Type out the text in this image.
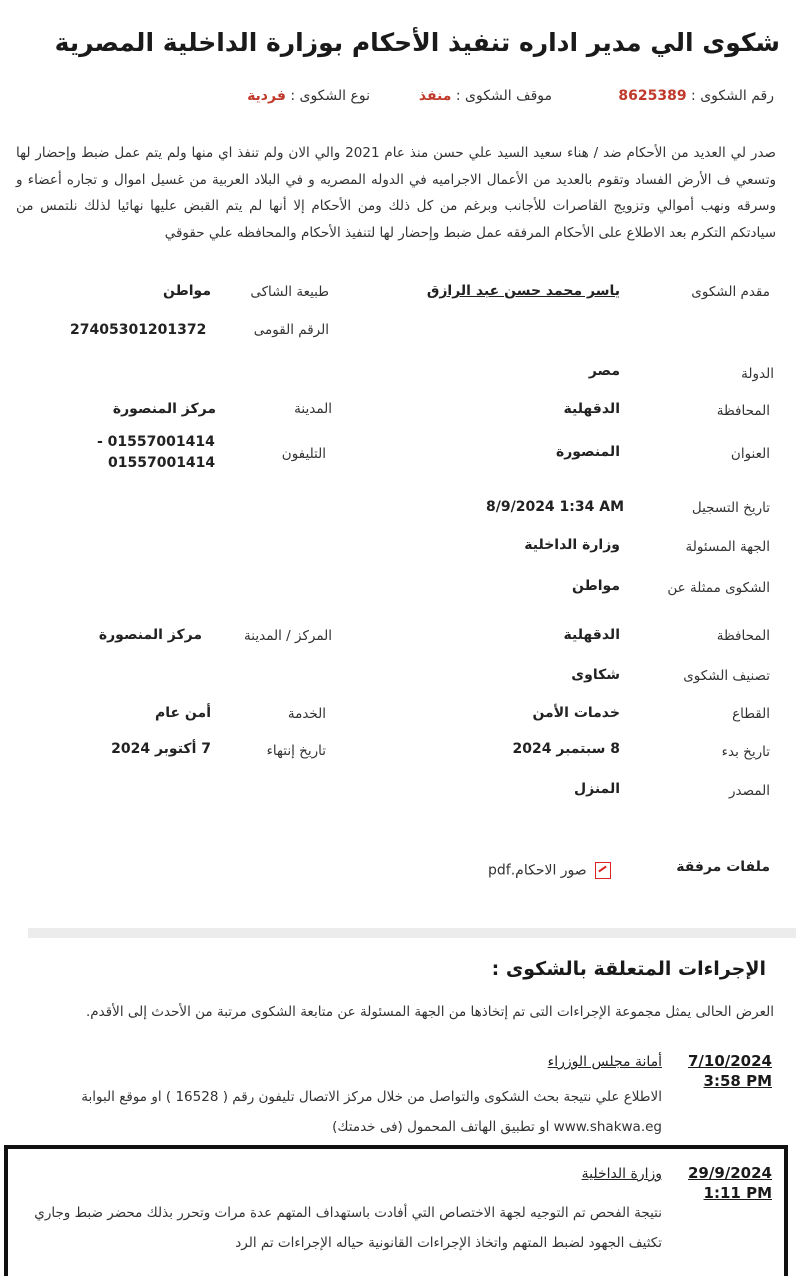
شكوى الي مدير اداره تنفيذ الأحكام بوزارة الداخلية المصرية
رقم الشكوى : 8625389
موقف الشكوى : منفذ
نوع الشكوى : فردية
صدر لي العديد من الأحكام ضد / هناء سعيد السيد علي حسن منذ عام 2021 والي الان ولم تنفذ اي منها ولم يتم عمل ضبط وإحضار لها وتسعي ف الأرض الفساد وتقوم بالعديد من الأعمال الاجراميه في الدوله المصريه و في البلاد العربية من غسيل اموال و تجاره أعضاء و وسرقه ونهب أموالي وتزويج القاصرات للأجانب وبرغم من كل ذلك ومن الأحكام إلا أنها لم يتم القبض عليها نهائيا لذلك نلتمس من سيادتكم التكرم بعد الاطلاع على الأحكام المرفقه عمل ضبط وإحضار لها لتنفيذ الأحكام والمحافظه علي حقوقي
مقدم الشكوى
ياسر محمد حسن عبد الرازق
طبيعة الشاكى
مواطن
الرقم القومى
27405301201372
الدولة
مصر
المحافظة
الدقهلية
المدينة
مركز المنصورة
العنوان
المنصورة
التليفون
- 01557001414
01557001414
تاريخ التسجيل
8/9/2024 1:34 AM
الجهة المسئولة
وزارة الداخلية
الشكوى ممثلة عن
مواطن
المحافظة
الدقهلية
المركز / المدينة
مركز المنصورة
تصنيف الشكوى
شكاوى
القطاع
خدمات الأمن
الخدمة
أمن عام
تاريخ بدء
8 سبتمبر 2024
تاريخ إنتهاء
7 أكتوبر 2024
المصدر
المنزل
ملفات مرفقة
صور الاحكام.pdf
الإجراءات المتعلقة بالشكوى :
العرض الحالى يمثل مجموعة الإجراءات التى تم إتخاذها من الجهة المسئولة عن متابعة الشكوى مرتبة من الأحدث إلى الأقدم.
7/10/2024
3:58 PM
أمانة مجلس الوزراء
الاطلاع علي نتيجة بحث الشكوى والتواصل من خلال مركز الاتصال تليفون رقم ( 16528 ) او موقع البوابة www.shakwa.eg او تطبيق الهاتف المحمول (فى خدمتك)
29/9/2024
1:11 PM
وزارة الداخلية
نتيجة الفحص تم التوجيه لجهة الاختصاص التي أفادت باستهداف المتهم عدة مرات وتحرر بذلك محضر ضبط وجاري تكثيف الجهود لضبط المتهم واتخاذ الإجراءات القانونية حياله الإجراءات تم الرد
